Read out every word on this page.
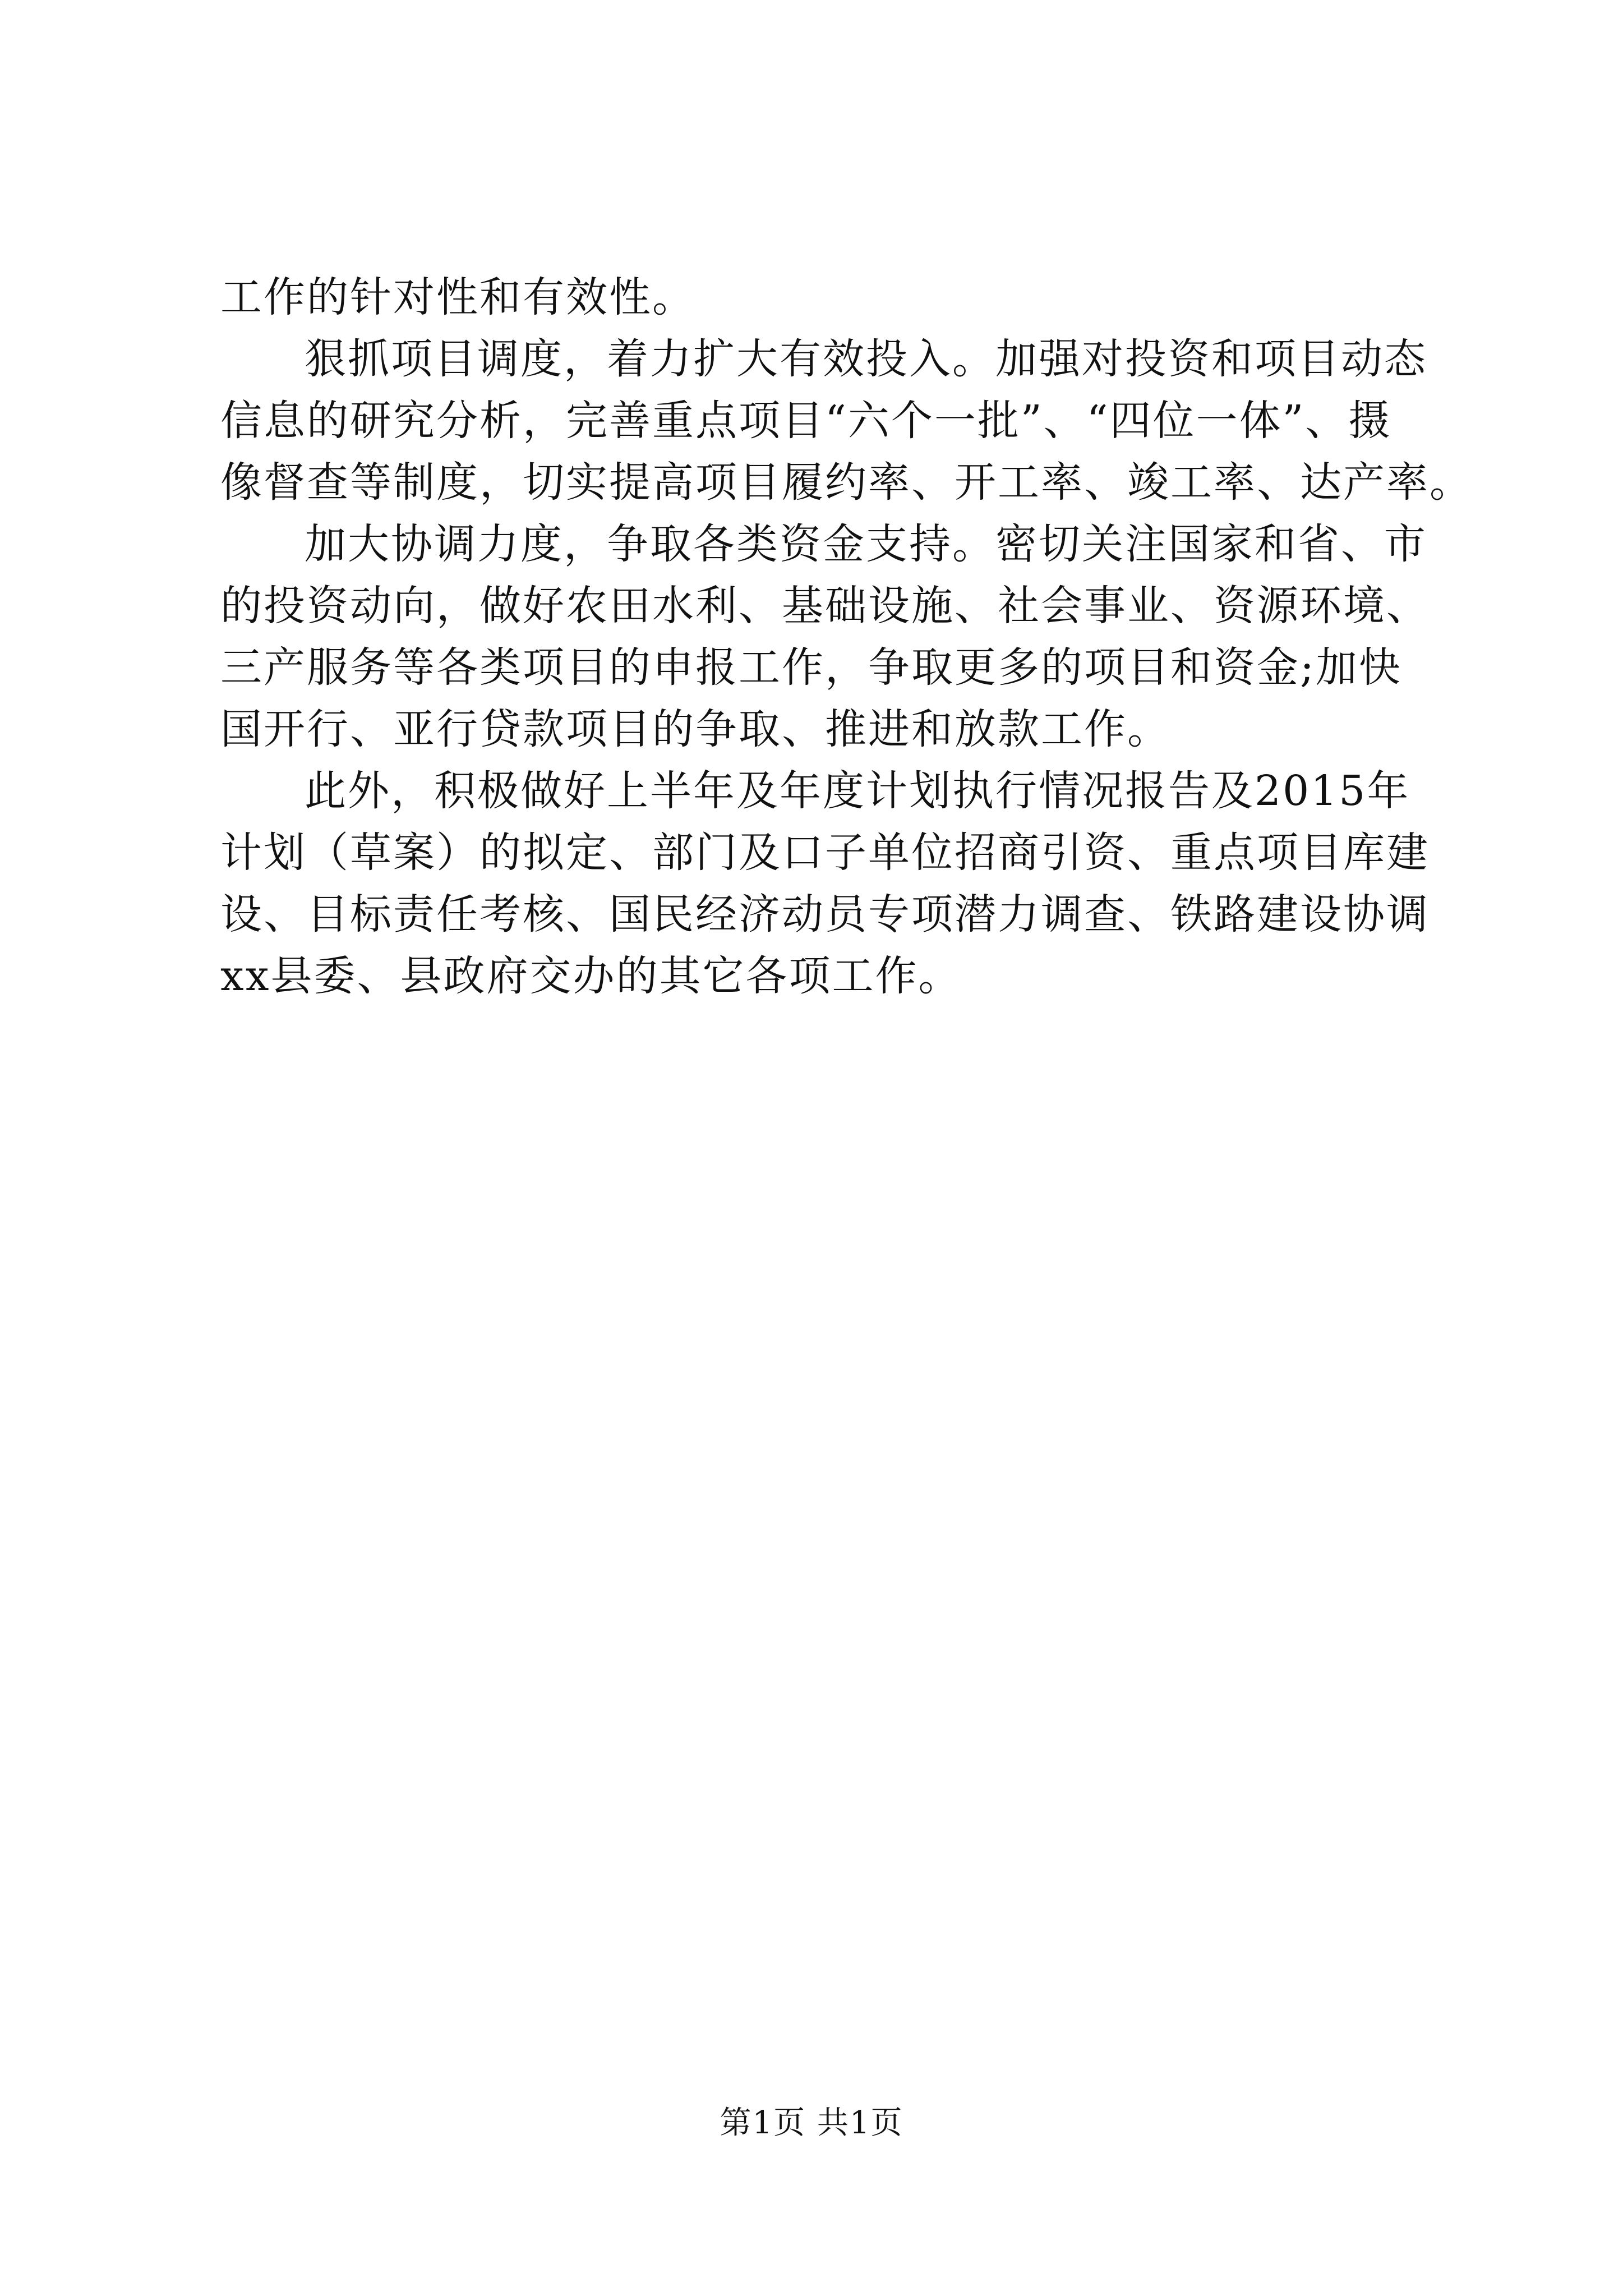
工作的针对性和有效性。
狠抓项目调度，着力扩大有效投入。加强对投资和项目动态
信息的研究分析，完善重点项目“六个一批”、“四位一体”、摄
像督查等制度，切实提高项目履约率、开工率、竣工率、达产率。
加大协调力度，争取各类资金支持。密切关注国家和省、市
的投资动向，做好农田水利、基础设施、社会事业、资源环境、
三产服务等各类项目的申报工作，争取更多的项目和资金;加快
国开行、亚行贷款项目的争取、推进和放款工作。
此外，积极做好上半年及年度计划执行情况报告及2015年
计划（草案）的拟定、部门及口子单位招商引资、重点项目库建
设、目标责任考核、国民经济动员专项潜力调查、铁路建设协调
xx县委、县政府交办的其它各项工作。
第1页 共1页
